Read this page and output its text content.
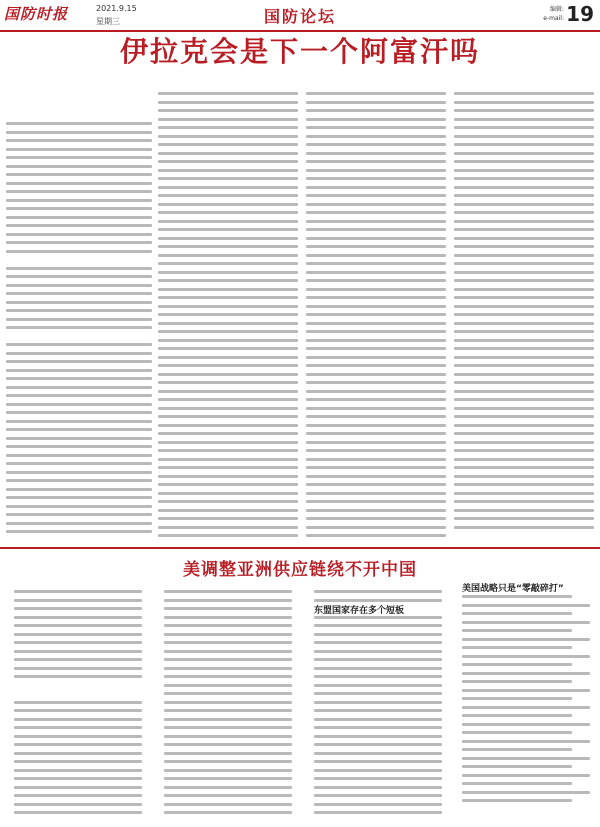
国防时报	2021.9.15
星期三	国防论坛	编辑:
e-mail: 19
伊拉克会是下一个阿富汗吗
美调整亚洲供应链绕不开中国
东盟国家存在多个短板
美国战略只是“零敲碎打”
